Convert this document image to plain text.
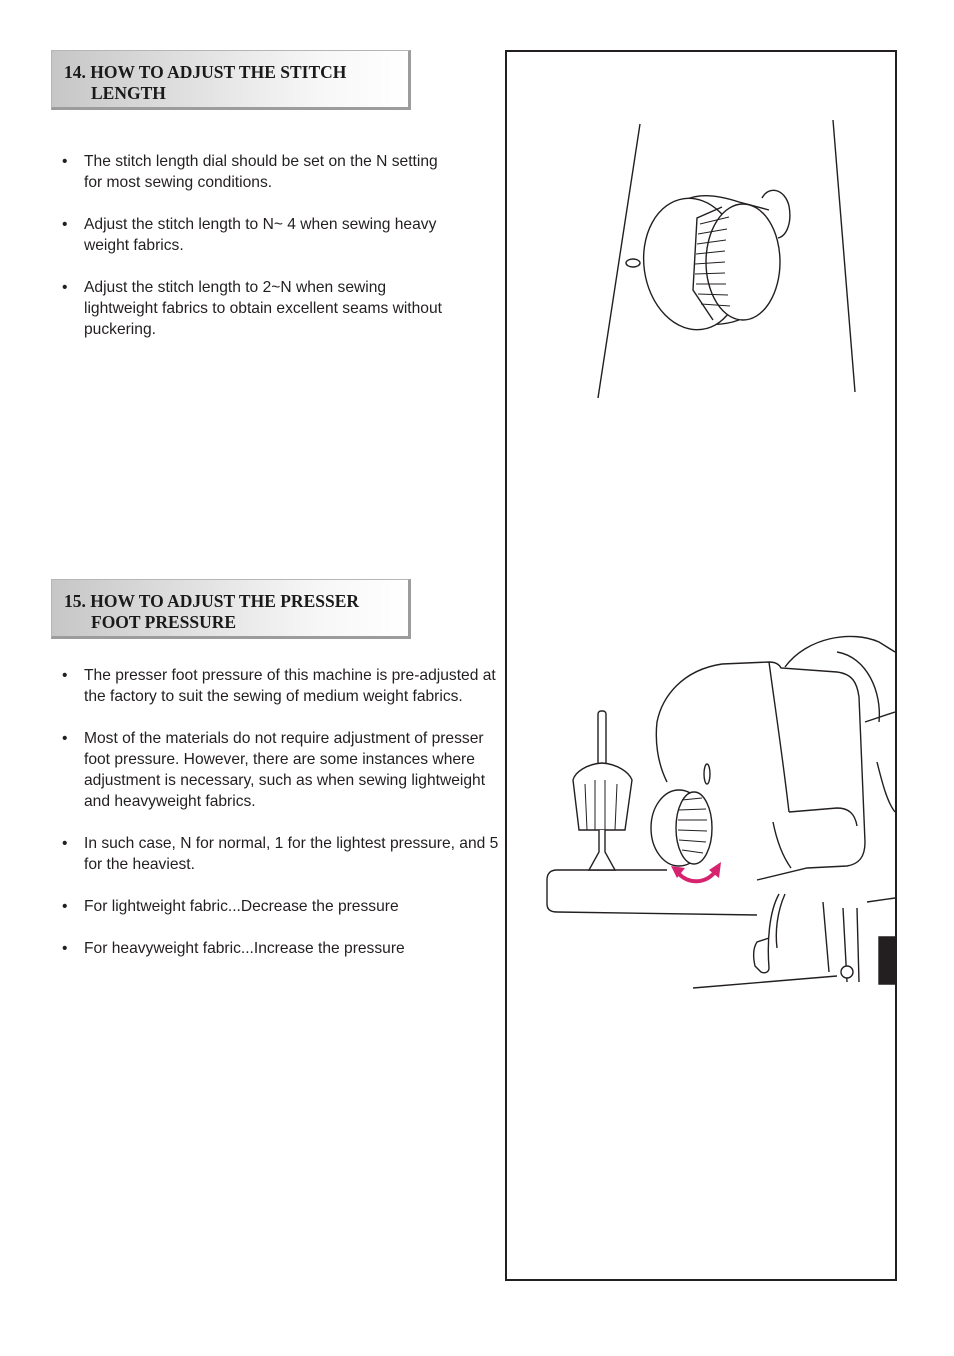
14. HOW TO ADJUST THE STITCH
LENGTH
• The stitch length dial should be set on the N setting for most sewing conditions.
• Adjust the stitch length to N~ 4 when sewing heavy weight fabrics.
• Adjust the stitch length to 2~N when sewing lightweight fabrics to obtain excellent seams without puckering.
15. HOW TO ADJUST THE PRESSER
FOOT PRESSURE
• The presser foot pressure of this machine is pre-adjusted at the factory to suit the sewing of medium weight fabrics.
• Most of the materials do not require adjustment of presser foot pressure. However, there are some instances where adjustment is necessary, such as when sewing lightweight and heavyweight fabrics.
• In such case, N for normal, 1 for the lightest pressure, and 5 for the heaviest.
• For lightweight fabric...Decrease the pressure
• For heavyweight fabric...Increase the pressure
